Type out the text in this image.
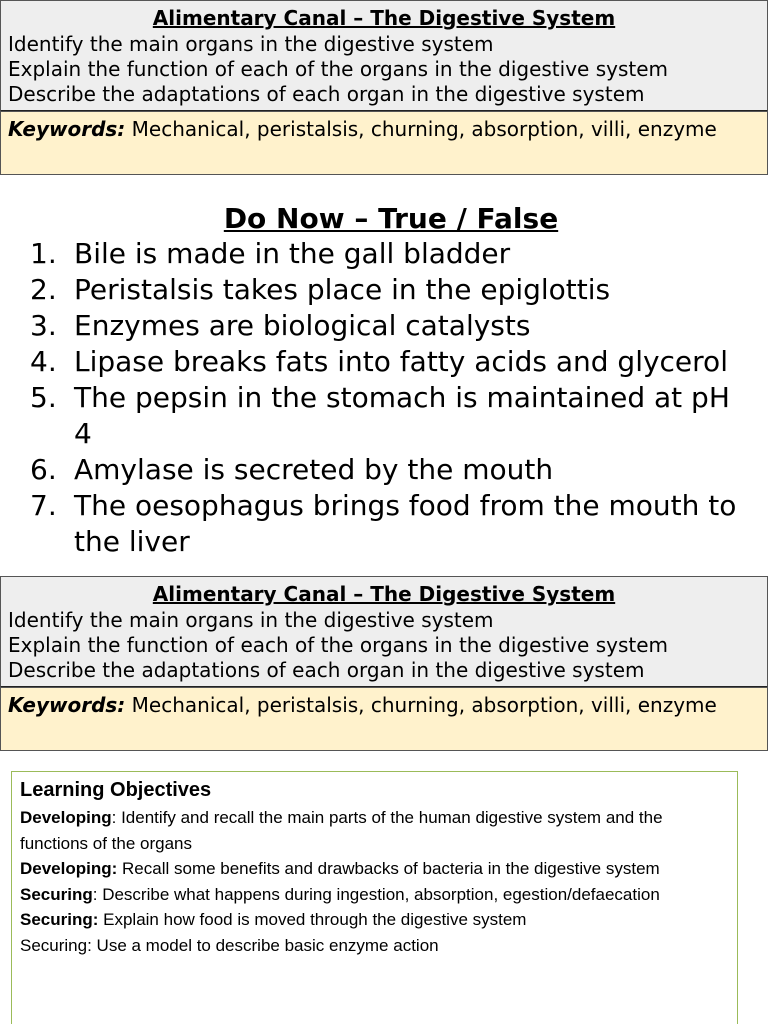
Alimentary Canal – The Digestive System
Identify the main organs in the digestive system
Explain the function of each of the organs in the digestive system
Describe the adaptations of each organ in the digestive system
Keywords: Mechanical, peristalsis, churning, absorption, villi, enzyme
Do Now – True / False
1. Bile is made in the gall bladder
2. Peristalsis takes place in the epiglottis
3. Enzymes are biological catalysts
4. Lipase breaks fats into fatty acids and glycerol
5. The pepsin in the stomach is maintained at pH 4
6. Amylase is secreted by the mouth
7. The oesophagus brings food from the mouth to the liver
Alimentary Canal – The Digestive System
Identify the main organs in the digestive system
Explain the function of each of the organs in the digestive system
Describe the adaptations of each organ in the digestive system
Keywords: Mechanical, peristalsis, churning, absorption, villi, enzyme
Learning Objectives
Developing: Identify and recall the main parts of the human digestive system and the functions of the organs
Developing: Recall some benefits and drawbacks of bacteria in the digestive system
Securing: Describe what happens during ingestion, absorption, egestion/defaecation
Securing: Explain how food is moved through the digestive system
Securing: Use a model to describe basic enzyme action
